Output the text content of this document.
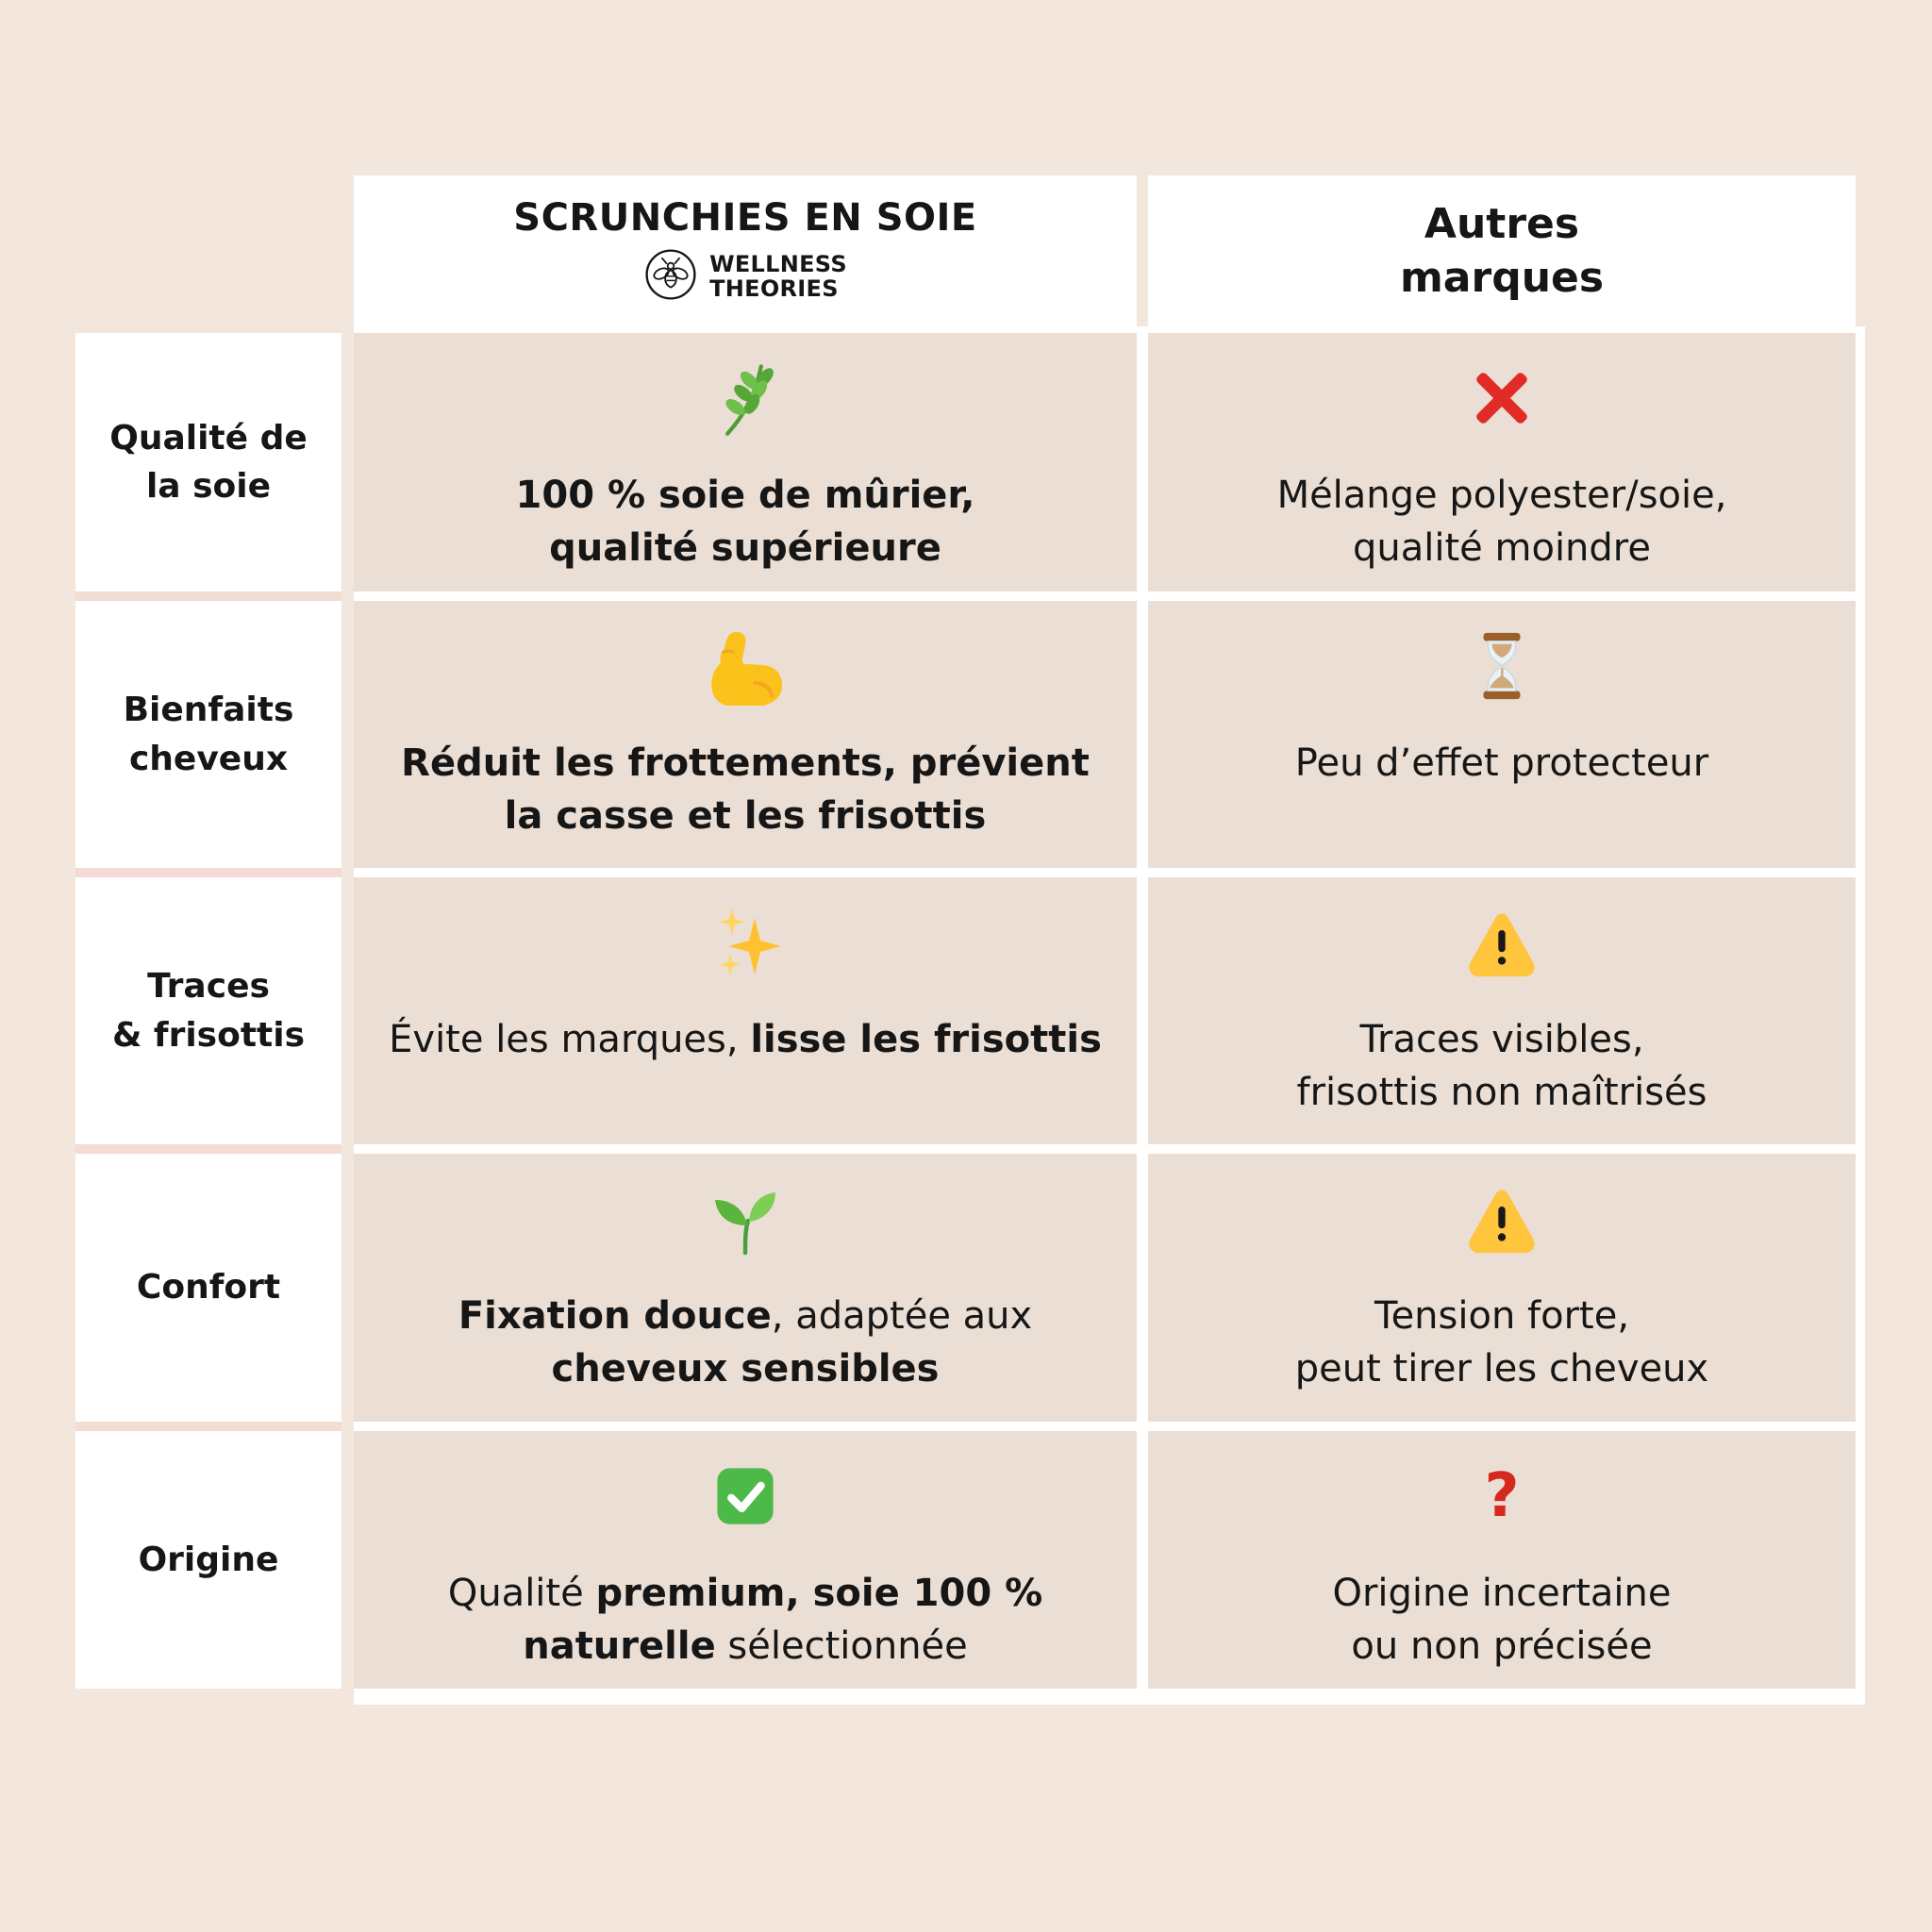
SCRUNCHIES EN SOIE
WELLNESS
THEORIES
Autres
marques
Qualité de
la soie
Bienfaits
cheveux
Traces
& frisottis
Confort
Origine
100 % soie de mûrier,
qualité supérieure
Mélange polyester/soie,
qualité moindre
Réduit les frottements, prévient
la casse et les frisottis
Peu d’effet protecteur
Évite les marques, lisse les frisottis	Traces visibles,
frisottis non maîtrisés
Fixation douce, adaptée aux
cheveux sensibles
Tension forte,
peut tirer les cheveux
Qualité premium, soie 100 %
naturelle sélectionnée
?
Origine incertaine
ou non précisée
